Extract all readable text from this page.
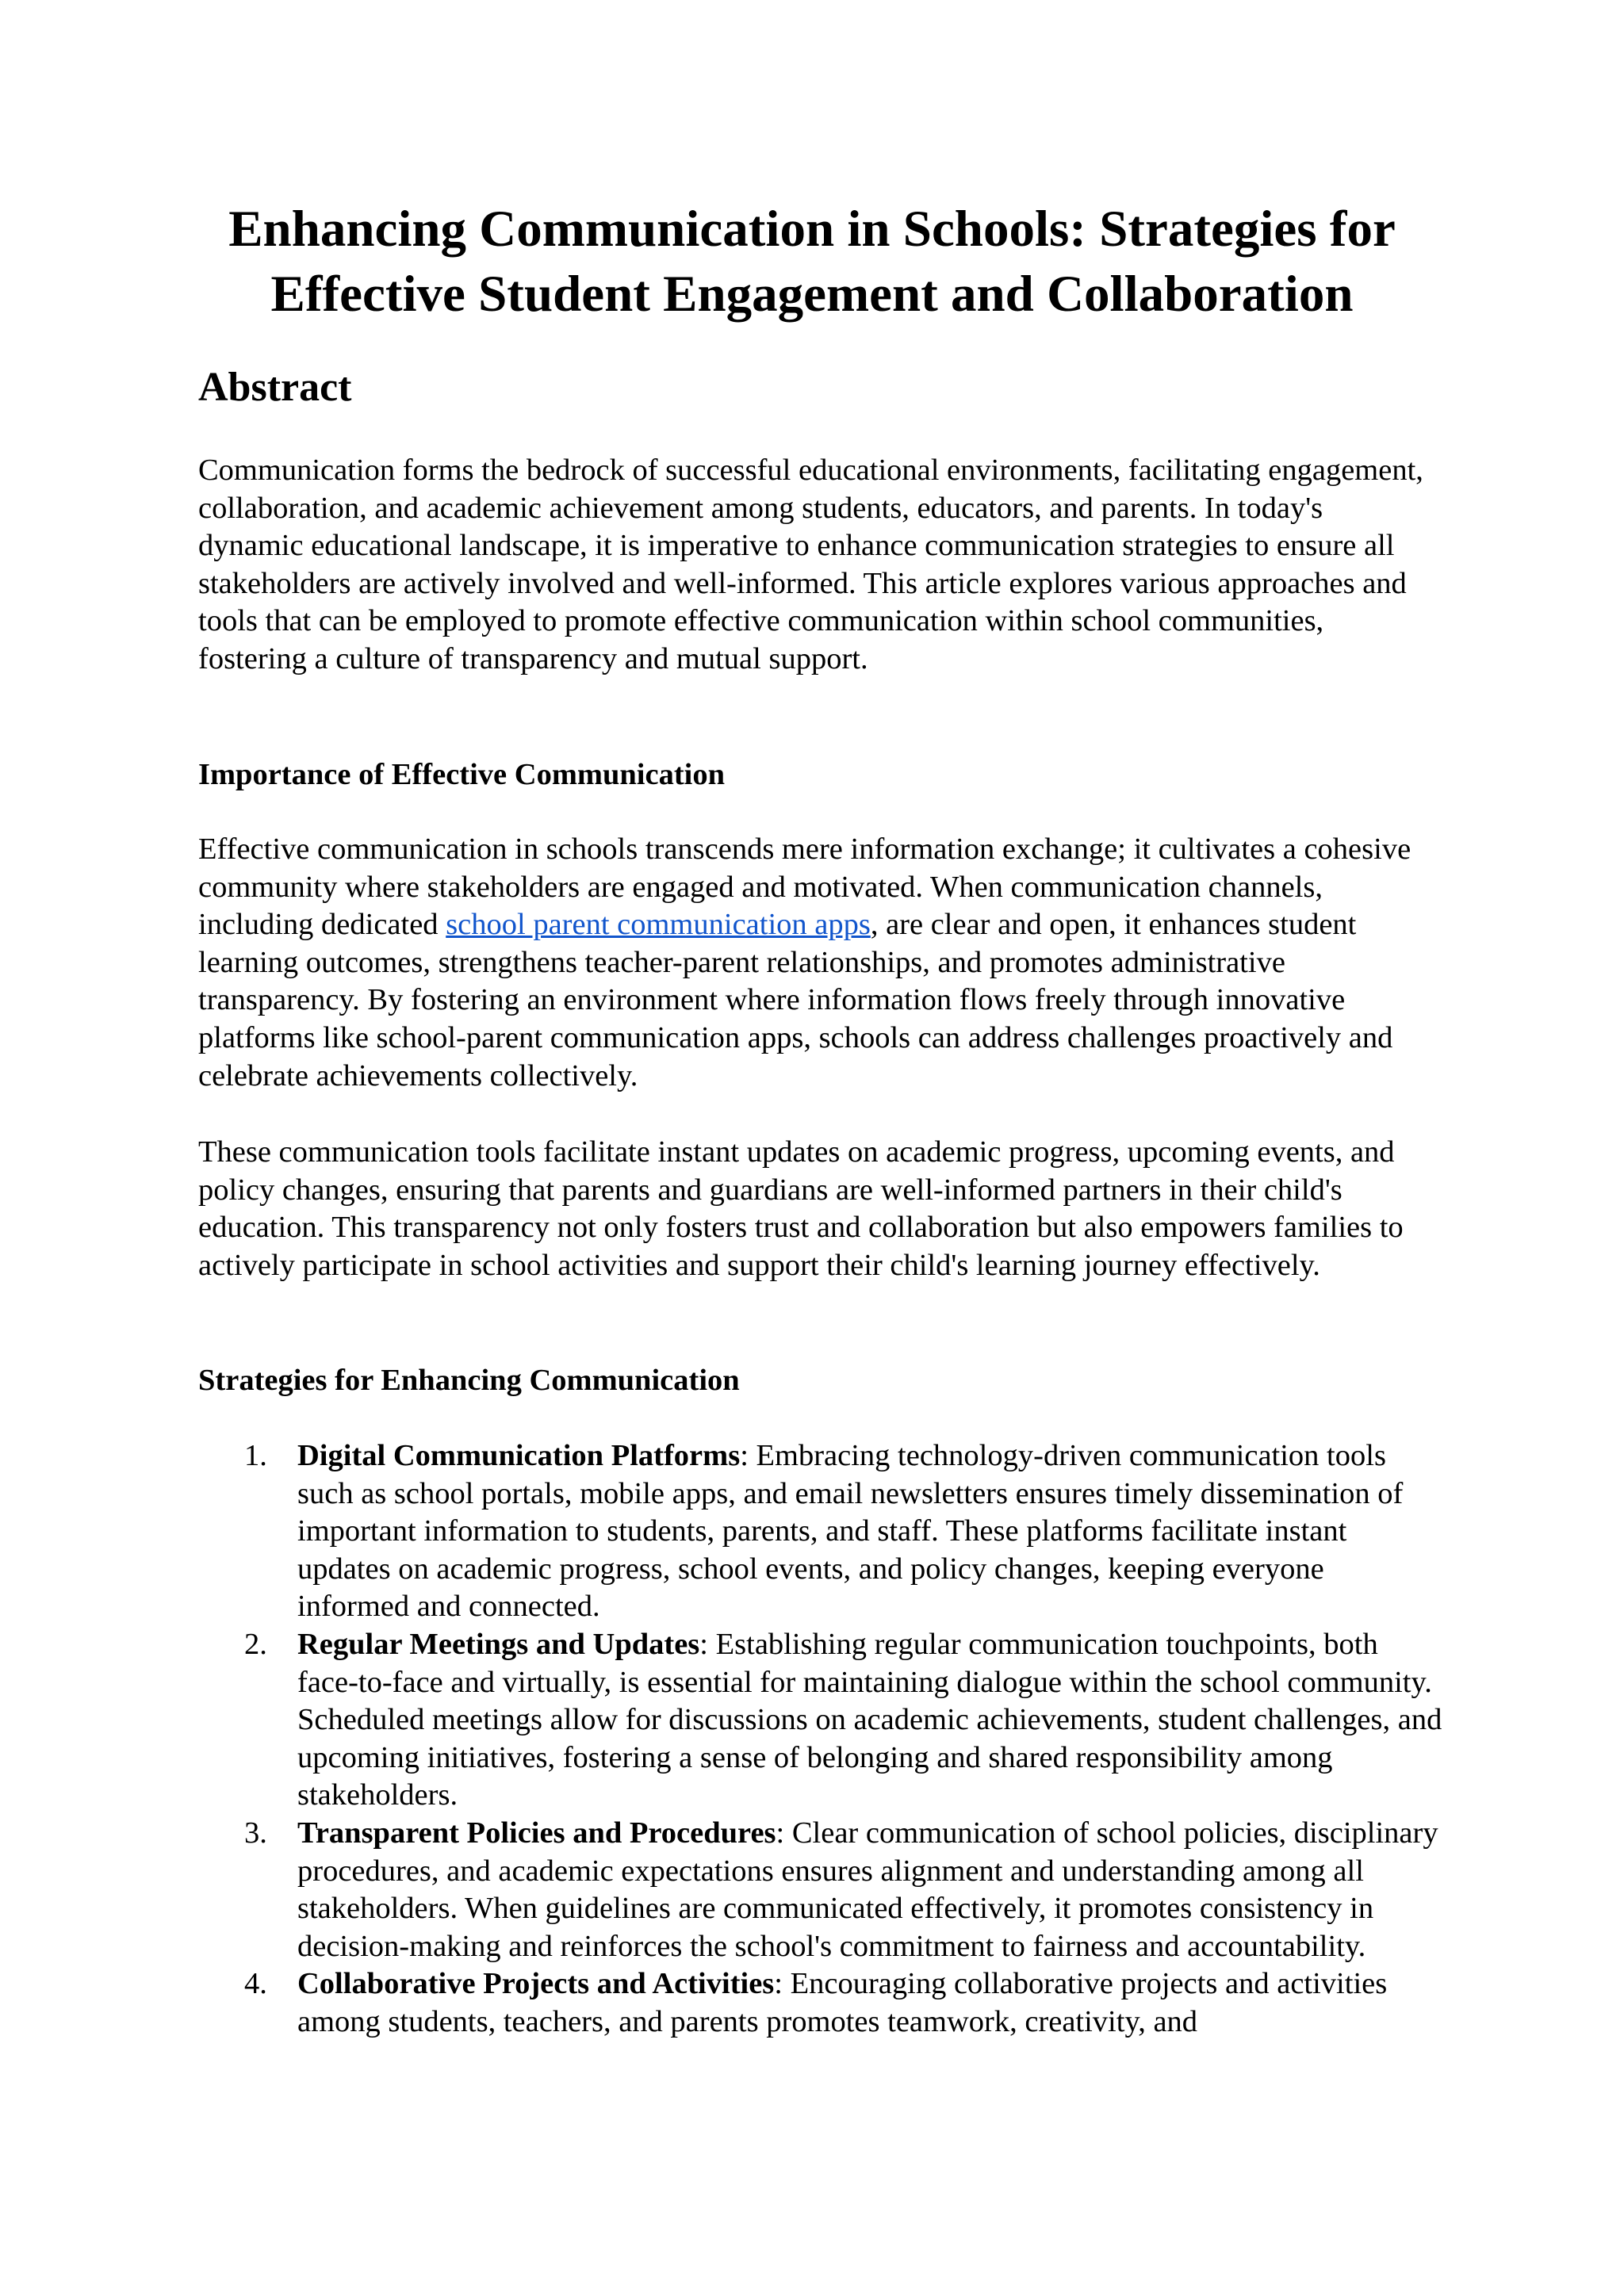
Enhancing Communication in Schools: Strategies for Effective Student Engagement and Collaboration
Abstract

Communication forms the bedrock of successful educational environments, facilitating engagement, collaboration, and academic achievement among students, educators, and parents. In today's dynamic educational landscape, it is imperative to enhance communication strategies to ensure all stakeholders are actively involved and well-informed. This article explores various approaches and tools that can be employed to promote effective communication within school communities, fostering a culture of transparency and mutual support.

Importance of Effective Communication

Effective communication in schools transcends mere information exchange; it cultivates a cohesive community where stakeholders are engaged and motivated. When communication channels, including dedicated school parent communication apps, are clear and open, it enhances student learning outcomes, strengthens teacher-parent relationships, and promotes administrative transparency. By fostering an environment where information flows freely through innovative platforms like school-parent communication apps, schools can address challenges proactively and celebrate achievements collectively.

These communication tools facilitate instant updates on academic progress, upcoming events, and policy changes, ensuring that parents and guardians are well-informed partners in their child's education. This transparency not only fosters trust and collaboration but also empowers families to actively participate in school activities and support their child's learning journey effectively.

Strategies for Enhancing Communication
1. Digital Communication Platforms: Embracing technology-driven communication tools such as school portals, mobile apps, and email newsletters ensures timely dissemination of important information to students, parents, and staff. These platforms facilitate instant updates on academic progress, school events, and policy changes, keeping everyone informed and connected.
2. Regular Meetings and Updates: Establishing regular communication touchpoints, both face-to-face and virtually, is essential for maintaining dialogue within the school community. Scheduled meetings allow for discussions on academic achievements, student challenges, and upcoming initiatives, fostering a sense of belonging and shared responsibility among stakeholders.
3. Transparent Policies and Procedures: Clear communication of school policies, disciplinary procedures, and academic expectations ensures alignment and understanding among all stakeholders. When guidelines are communicated effectively, it promotes consistency in decision-making and reinforces the school's commitment to fairness and accountability.
4. Collaborative Projects and Activities: Encouraging collaborative projects and activities among students, teachers, and parents promotes teamwork, creativity, and
